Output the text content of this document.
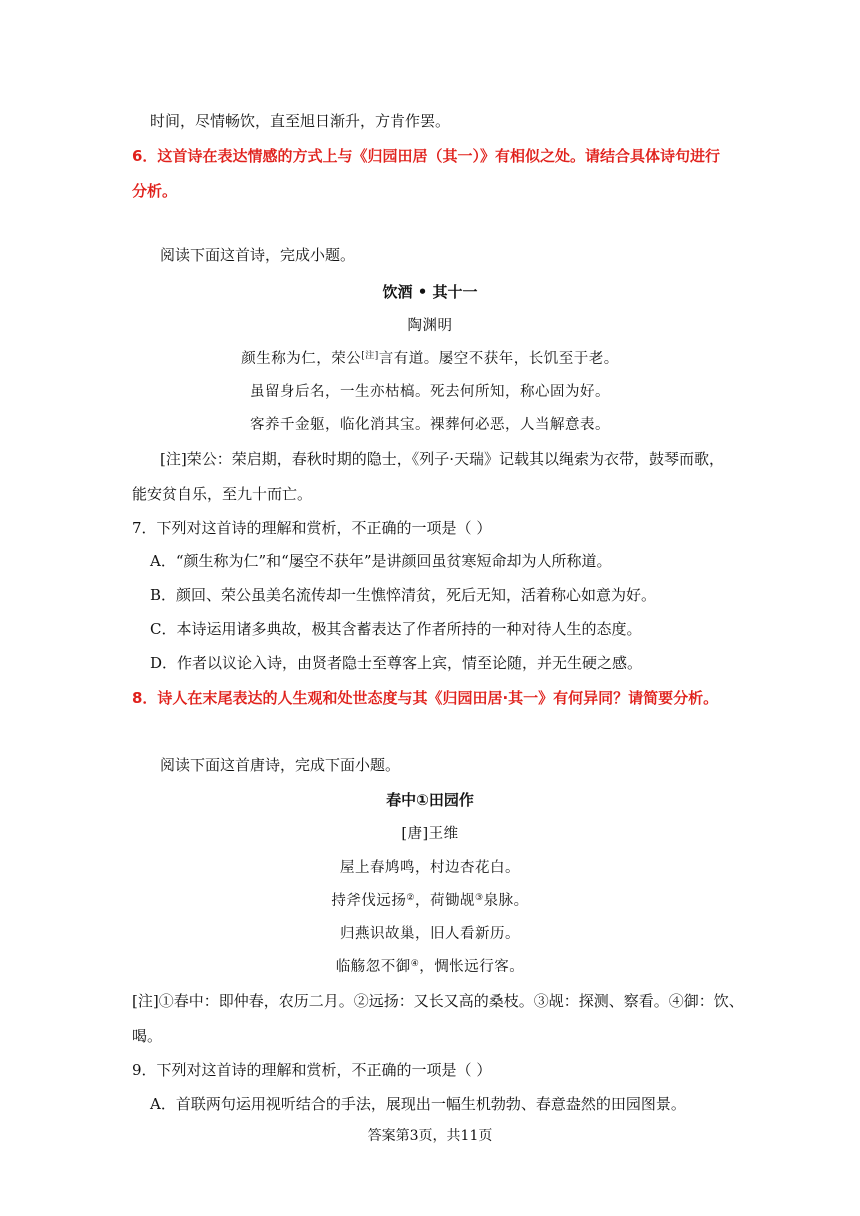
时间，尽情畅饮，直至旭日渐升，方肯作罢。
6．这首诗在表达情感的方式上与《归园田居（其一）》有相似之处。请结合具体诗句进行
分析。
阅读下面这首诗，完成小题。
饮酒 • 其十一
陶渊明
颜生称为仁，荣公[注]言有道。屡空不获年，长饥至于老。
虽留身后名，一生亦枯槁。死去何所知，称心固为好。
客养千金躯，临化消其宝。裸葬何必恶，人当解意表。
[注]荣公：荣启期，春秋时期的隐士，《列子·天瑞》记载其以绳索为衣带，鼓琴而歌，
能安贫自乐，至九十而亡。
7．下列对这首诗的理解和赏析，不正确的一项是（ ）
A．“颜生称为仁”和“屡空不获年”是讲颜回虽贫寒短命却为人所称道。
B．颜回、荣公虽美名流传却一生憔悴清贫，死后无知，活着称心如意为好。
C．本诗运用诸多典故，极其含蓄表达了作者所持的一种对待人生的态度。
D．作者以议论入诗，由贤者隐士至尊客上宾，情至论随，并无生硬之感。
8．诗人在末尾表达的人生观和处世态度与其《归园田居·其一》有何异同？请简要分析。
阅读下面这首唐诗，完成下面小题。
春中①田园作
[唐]王维
屋上春鸠鸣，村边杏花白。
持斧伐远扬②，荷锄觇③泉脉。
归燕识故巢，旧人看新历。
临觞忽不御④，惆怅远行客。
[注]①春中：即仲春，农历二月。②远扬：又长又高的桑枝。③觇：探测、察看。④御：饮、
喝。
9．下列对这首诗的理解和赏析，不正确的一项是（ ）
A．首联两句运用视听结合的手法，展现出一幅生机勃勃、春意盎然的田园图景。
答案第3页，共11页
